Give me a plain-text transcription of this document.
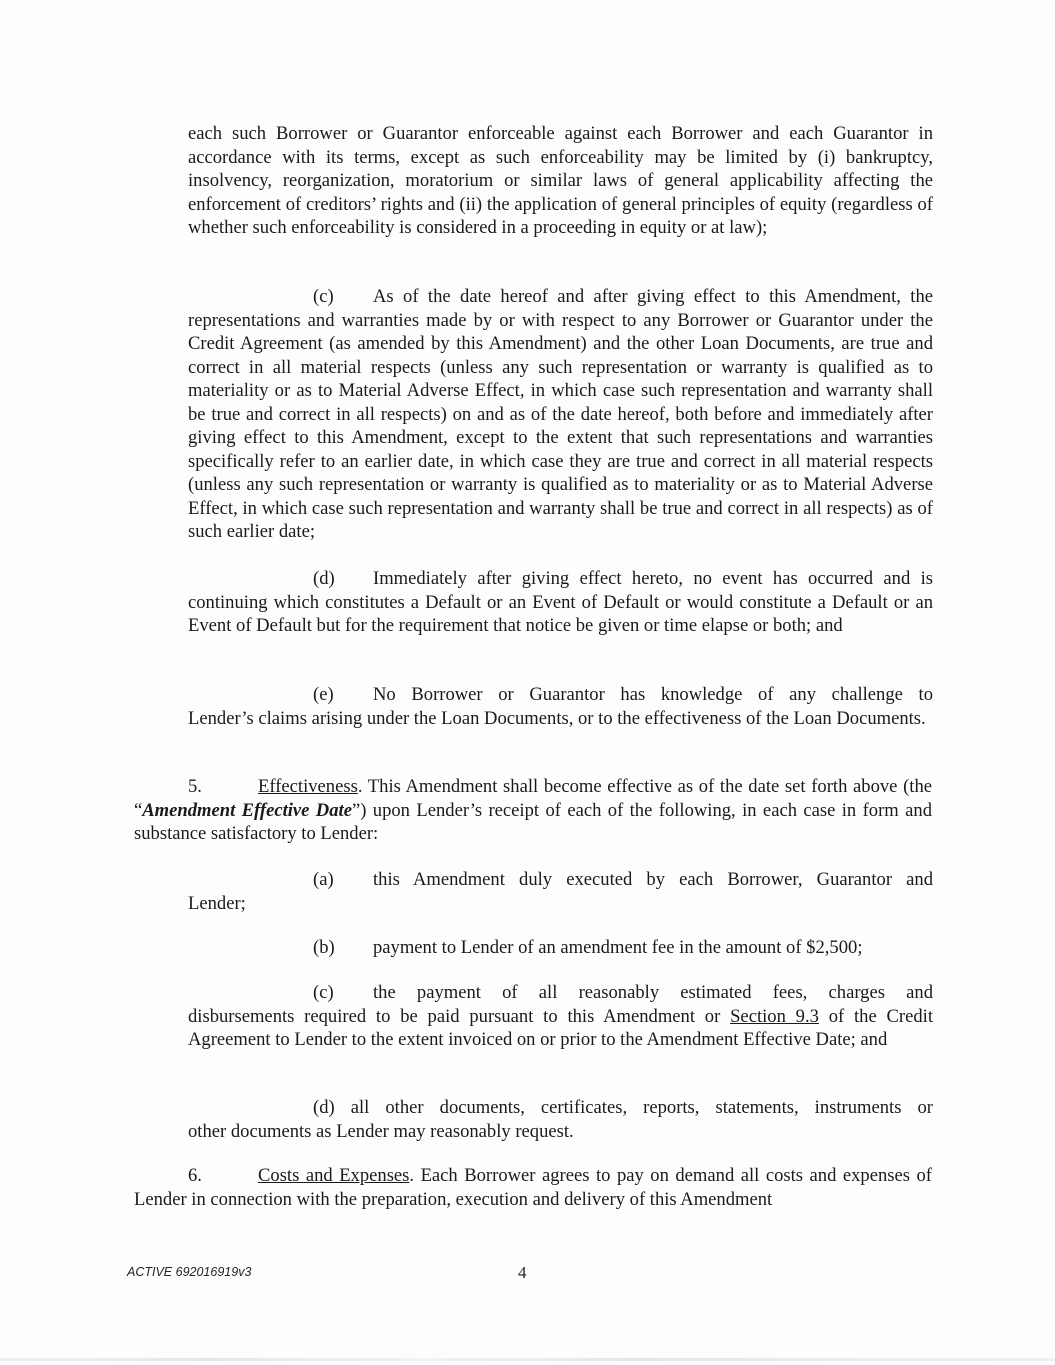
each such Borrower or Guarantor enforceable against each Borrower and each Guarantor in accordance with its terms, except as such enforceability may be limited by (i) bankruptcy, insolvency, reorganization, moratorium or similar laws of general applicability affecting the enforcement of creditors’ rights and (ii) the application of general principles of equity (regardless of whether such enforceability is considered in a proceeding in equity or at law);

(c) As of the date hereof and after giving effect to this Amendment, the

representations and warranties made by or with respect to any Borrower or Guarantor under the Credit Agreement (as amended by this Amendment) and the other Loan Documents, are true and correct in all material respects (unless any such representation or warranty is qualified as to materiality or as to Material Adverse Effect, in which case such representation and warranty shall be true and correct in all respects) on and as of the date hereof, both before and immediately after giving effect to this Amendment, except to the extent that such representations and warranties specifically refer to an earlier date, in which case they are true and correct in all material respects (unless any such representation or warranty is qualified as to materiality or as to Material Adverse Effect, in which case such representation and warranty shall be true and correct in all respects) as of such earlier date;

(d) Immediately after giving effect hereto, no event has occurred and is

continuing which constitutes a Default or an Event of Default or would constitute a Default or an Event of Default but for the requirement that notice be given or time elapse or both; and

(e) No Borrower or Guarantor has knowledge of any challenge to

Lender’s claims arising under the Loan Documents, or to the effectiveness of the Loan Documents.

5.	Effectiveness. This Amendment shall become effective as of the date set forth above (the “Amendment Effective Date”) upon Lender’s receipt of each of the following, in each case in form and substance satisfactory to Lender:

(a) this Amendment duly executed by each Borrower, Guarantor and

Lender;

(b) payment to Lender of an amendment fee in the amount of $2,500;

(c) the payment of all reasonably estimated fees, charges and

disbursements required to be paid pursuant to this Amendment or Section 9.3 of the Credit Agreement to Lender to the extent invoiced on or prior to the Amendment Effective Date; and

(d) all other documents, certificates, reports, statements, instruments or

other documents as Lender may reasonably request.

6.	Costs and Expenses. Each Borrower agrees to pay on demand all costs and expenses of Lender in connection with the preparation, execution and delivery of this Amendment

ACTIVE 692016919v3	4
